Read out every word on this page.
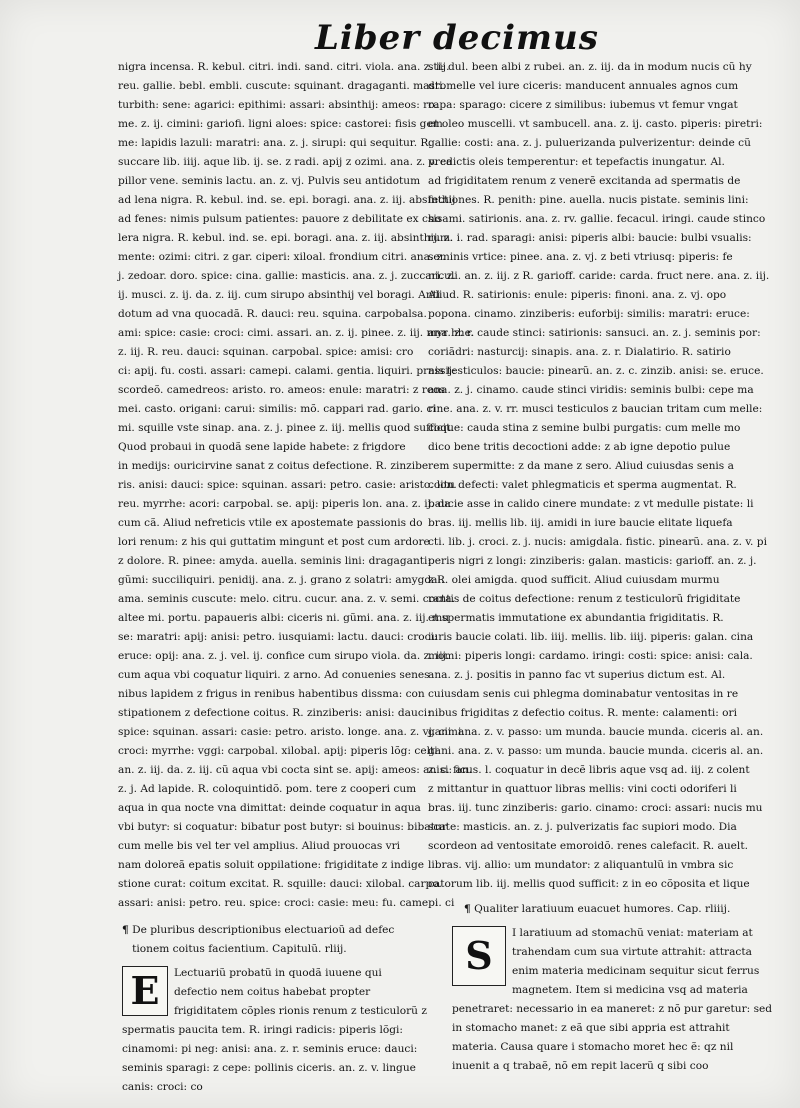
Liber decimus
nigra incensa. R. kebul. citri. indi. sand. citri. viola. ana. z. iij.
reu. gallie. bebl. embli. cuscute: squinant. dragaganti. masti.
turbith: sene: agarici: epithimi: assari: absinthij: ameos: ro.
me. z. ij. cimini: gariofi. ligni aloes: spice: castorei: fisis gem
me: lapidis lazuli: maratri: ana. z. j. sirupi: qui sequitur. R.
succare lib. iiij. aque lib. ij. se. z radi. apij z ozimi. ana. z. v. ca
pillor vene. seminis lactu. an. z. vj. Pulvis seu antidotum
ad lena nigra. R. kebul. ind. se. epi. boragi. ana. z. iij. absinthij
ad fenes: nimis pulsum patientes: pauore z debilitate ex cho
lera nigra. R. kebul. ind. se. epi. boragi. ana. z. iij. absinthij. z.
mente: ozimi: citri. z gar. ciperi: xiloal. frondium citri. ana. z.
j. zedoar. doro. spice: cina. gallie: masticis. ana. z. j. zuccari. z.
ij. musci. z. ij. da. z. iij. cum sirupo absinthij vel boragi. Anti
dotum ad vna quocadã. R. dauci: reu. squina. carpobalsa.
ami: spice: casie: croci: cimi. assari. an. z. ij. pinee. z. iij. myr hhe.
z. iij. R. reu. dauci: squinan. carpobal. spice: amisi: cro
ci: apij. fu. costi. assari: camepi. calami. gentia. liquiri. prassij:
scordeõ. camedreos: aristo. ro. ameos: enule: maratri: z reos
mei. casto. origani: carui: similis: mõ. cappari rad. gario. ci
mi. squille vste sinap. ana. z. j. pinee z. iij. mellis quod sufficit.
Quod probaui in quodã sene lapide habete: z frigdore
in medijs: ouricirvine sanat z coitus defectione. R. zinzibe
ris. anisi: dauci: spice: squinan. assari: petro. casie: aristo. lon.
reu. myrrhe: acori: carpobal. se. apij: piperis lon. ana. z. ij. da
cum cã. Aliud nefreticis vtile ex apostemate passionis do
lori renum: z his qui guttatim mingunt et post cum ardore
z dolore. R. pinee: amyda. auella. seminis lini: dragaganti:
gũmi: succiliquiri. penidij. ana. z. j. grano z solatri: amygdal.
ama. seminis cuscute: melo. citru. cucur. ana. z. v. semi. cocta.
altee mi. portu. papaueris albi: ciceris ni. gũmi. ana. z. iij. mu
se: maratri: apij: anisi: petro. iusquiami: lactu. dauci: croci:
eruce: opij: ana. z. j. vel. ij. confice cum sirupo viola. da. z. iij.
cum aqua vbi coquatur liquiri. z arno. Ad conuenies senes
nibus lapidem z frigus in renibus habentibus dissma: con
stipationem z defectione coitus. R. zinziberis: anisi: dauci:
spice: squinan. assari: casie: petro. aristo. longe. ana. z. vj. cimi.
croci: myrrhe: vggi: carpobal. xilobal. apij: piperis lõg: celti.
an. z. iij. da. z. iij. cũ aqua vbi cocta sint se. apij: ameos: anisi: an.
z. j. Ad lapide. R. coloquintidõ. pom. tere z cooperi cum
aqua in qua nocte vna dimittat: deinde coquatur in aqua
vbi butyr: si coquatur: bibatur post butyr: si bouinus: bibatur
cum melle bis vel ter vel amplius. Aliud prouocas vri
nam doloreã epatis soluit oppilatione: frigiditate z indige
stione curat: coitum excitat. R. squille: dauci: xilobal. carpo.
assari: anisi: petro. reu. spice: croci: casie: meu: fu. camepi. ci
sti: dul. been albi z rubei. an. z. iij. da in modum nucis cũ hy
dromelle vel iure ciceris: manducent annuales agnos cum
rapa: sparago: cicere z similibus: iubemus vt femur vngat
et oleo muscelli. vt sambucell. ana. z. ij. casto. piperis: piretri:
gallie: costi: ana. z. j. puluerizanda pulverizentur: deinde cũ
predictis oleis temperentur: et tepefactis inungatur. Al.
ad frigiditatem renum z venerẽ excitanda ad spermatis de
fectiones. R. penith: pine. auella. nucis pistate. seminis lini:
sisami. satirionis. ana. z. rv. gallie. fecacul. iringi. caude stinco
rum. i. rad. sparagi: anisi: piperis albi: baucie: bulbi vsualis:
seminis vrtice: pinee. ana. z. vj. z beti vtriusq: piperis: fe
niculi. an. z. iij. z R. garioff. caride: carda. fruct nere. ana. z. iij.
Aliud. R. satirionis: enule: piperis: finoni. ana. z. vj. opo
popona. cinamo. zinziberis: euforbij: similis: maratri: eruce:
ana. z. r. caude stinci: satirionis: sansuci. an. z. j. seminis por:
coriãdri: nasturcij: sinapis. ana. z. r. Dialatirio. R. satirio
nis testiculos: baucie: pinearũ. an. z. c. zinzib. anisi: se. eruce.
ana. z. j. cinamo. caude stinci viridis: seminis bulbi: cepe ma
rine. ana. z. v. rr. musci testiculos z baucian tritam cum melle:
coque: cauda stina z semine bulbi purgatis: cum melle mo
dico bene tritis decoctioni adde: z ab igne depotio pulue
rem supermitte: z da mane z sero. Aliud cuiusdas senis a
coitu defecti: valet phlegmaticis et sperma augmentat. R.
baucie asse in calido cinere mundate: z vt medulle pistate: li
bras. iij. mellis lib. iij. amidi in iure baucie elitate liquefa
cti. lib. j. croci. z. j. nucis: amigdala. fistic. pinearũ. ana. z. v. pi
peris nigri z longi: zinziberis: galan. masticis: garioff. an. z. j.
z R. olei amigda. quod sufficit. Aliud cuiusdam murmu
rantis de coitus defectione: renum z testiculorũ frigiditate
et spermatis immutatione ex abundantia frigiditatis. R.
iuris baucie colati. lib. iiij. mellis. lib. iiij. piperis: galan. cina
momi: piperis longi: cardamo. iringi: costi: spice: anisi: cala.
ana. z. j. positis in panno fac vt superius dictum est. Al.
cuiusdam senis cui phlegma dominabatur ventositas in re
nibus frigiditas z defectio coitus. R. mente: calamenti: ori
gani. ana. z. v. passo: um munda. baucie munda. ciceris al. an.
gani. ana. z. v. passo: um munda. baucie munda. ciceris al. an.
z. c. ficus. l. coquatur in decẽ libris aque vsq ad. iij. z colent
z mittantur in quattuor libras mellis: vini cocti odoriferi li
bras. iij. tunc zinziberis: gario. cinamo: croci: assari: nucis mu
scate: masticis. an. z. j. pulverizatis fac supiori modo. Dia
scordeon ad ventositate emoroidõ. renes calefacit. R. auelt.
libras. vij. allio: um mundator: z aliquantulũ in vmbra sic
catorum lib. iij. mellis quod sufficit: z in eo cõposita et lique
¶ De pluribus descriptionibus electuarioũ ad defec tionem coitus facientium. Capitulũ. rliij.
¶ Qualiter laratiuum euacuet humores. Cap. rliiij.
E	Lectuariũ probatũ in quodã iuuene qui defectio nem coitus habebat propter frigiditatem cõples rionis renum z testiculorũ z spermatis paucita tem. R. iringi radicis: piperis lõgi: cinamomi: pi neg: anisi: ana. z. r. seminis eruce: dauci: seminis sparagi: z cepe: pollinis ciceris. an. z. v. lingue canis: croci: co
S	I laratiuum ad stomachũ veniat: materiam at trahendam cum sua virtute attrahit: attracta enim materia medicinam sequitur sicut ferrus magnetem. Item si medicina vsq ad materia penetraret: necessario in ea maneret: z nõ pur garetur: sed in stomacho manet: z eã que sibi appria est attrahit materia. Causa quare i stomacho moret hec ẽ: qz nil inuenit a q trabaẽ, nõ em repit lacerũ q sibi coo
